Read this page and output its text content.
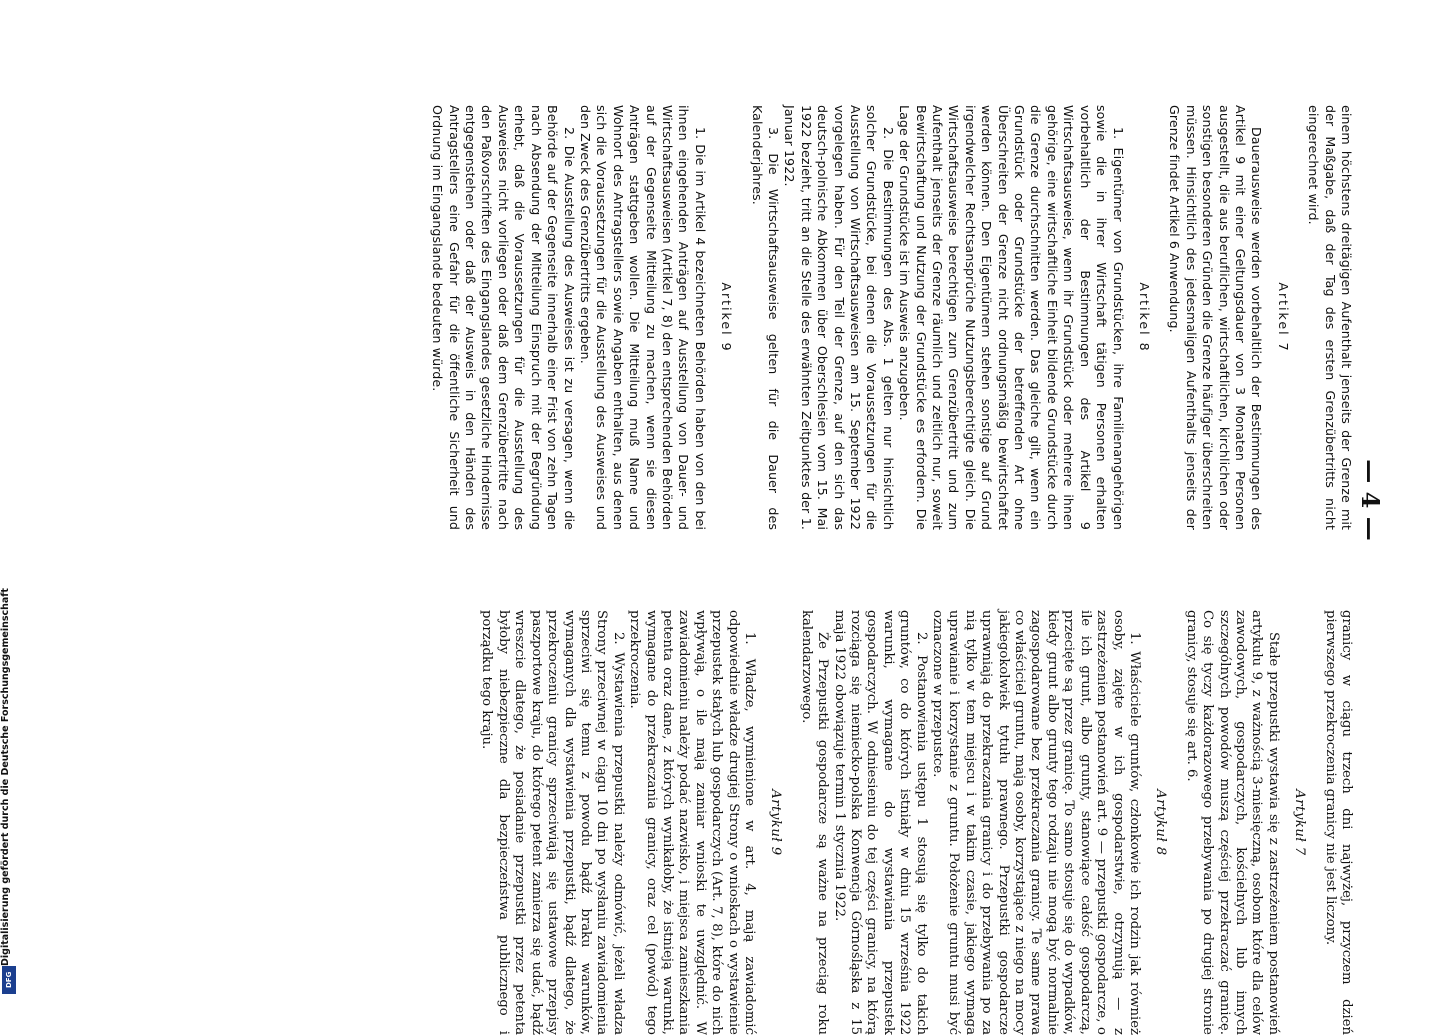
— 4 —

einem höchstens dreitägigen Aufenthalt jenseits der Grenze mit der Maßgabe, daß der Tag des ersten Grenzübertritts nicht eingerechnet wird.

Artikel 7

Dauerausweise werden vorbehaltlich der Bestimmungen des Artikel 9 mit einer Geltungsdauer von 3 Monaten Personen ausgestellt, die aus beruflichen, wirtschaftlichen, kirchlichen oder sonstigen besonderen Gründen die Grenze häufiger überschreiten müssen. Hinsichtlich des jedesmaligen Aufenthalts jenseits der Grenze findet Artikel 6 Anwendung.

Artikel 8

1. Eigentümer von Grundstücken, ihre Familienangehörigen sowie die in ihrer Wirtschaft tätigen Personen erhalten vorbehaltlich der Bestimmungen des Artikel 9 Wirtschaftsausweise, wenn ihr Grundstück oder mehrere ihnen gehörige, eine wirtschaftliche Einheit bildende Grundstücke durch die Grenze durchschnitten werden. Das gleiche gilt, wenn ein Grundstück oder Grundstücke der betreffenden Art ohne Überschreiten der Grenze nicht ordnungsmäßig bewirtschaftet werden können. Den Eigentümern stehen sonstige auf Grund irgendwelcher Rechtsansprüche Nutzungsberechtigte gleich. Die Wirtschaftsausweise berechtigen zum Grenzübertritt und zum Aufenthalt jenseits der Grenze räumlich und zeitlich nur, soweit Bewirtschaftung und Nutzung der Grundstücke es erfordern. Die Lage der Grundstücke ist im Ausweis anzugeben.

2. Die Bestimmungen des Abs. 1 gelten nur hinsichtlich solcher Grundstücke, bei denen die Voraussetzungen für die Ausstellung von Wirtschaftsausweisen am 15. September 1922 vorgelegen haben. Für den Teil der Grenze, auf den sich das deutsch-polnische Abkommen über Oberschlesien vom 15. Mai 1922 bezieht, tritt an die Stelle des erwähnten Zeitpunktes der 1. Januar 1922.

3. Die Wirtschaftsausweise gelten für die Dauer des Kalenderjahres.

Artikel 9

1. Die im Artikel 4 bezeichneten Behörden haben von den bei ihnen eingehenden Anträgen auf Ausstellung von Dauer- und Wirtschaftsausweisen (Artikel 7, 8) den entsprechenden Behörden auf der Gegenseite Mitteilung zu machen, wenn sie diesen Anträgen stattgeben wollen. Die Mitteilung muß Name und Wohnort des Antragstellers sowie Angaben enthalten, aus denen sich die Voraussetzungen für die Ausstellung des Ausweises und den Zweck des Grenzübertritts ergeben.

2. Die Ausstellung des Ausweises ist zu versagen, wenn die Behörde auf der Gegenseite innerhalb einer Frist von zehn Tagen nach Absendung der Mitteilung Einspruch mit der Begründung erhebt, daß die Voraussetzungen für die Ausstellung des Ausweises nicht vorliegen oder daß dem Grenzübertritte nach den Paßvorschriften des Eingangslandes gesetzliche Hindernisse entgegenstehen oder daß der Ausweis in den Händen des Antragstellers eine Gefahr für die öffentliche Sicherheit und Ordnung im Eingangslande bedeuten würde.

granicy w ciągu trzech dni najwyżej, przyczem dzień pierwszego przekroczenia granicy nie jest liczony.

Artykuł 7

Stałe przepustki wystawia się z zastrzeżeniem postanowień artykułu 9, z ważnością 3-miesięczną, osobom które dla celów zawodowych, gospodarczych, kościelnych lub innych szczególnych powodów muszą częściej przekraczać granicę. Co się tyczy każdorazowego przebywania po drugiej stronie granicy, stosuje się art. 6.

Artykuł 8

1. Właściciele gruntów, członkowie ich rodzin jak również osoby, zajęte w ich gospodarstwie, otrzymują — z zastrzeżeniem postanowień art. 9 — przepustki gospodarcze, o ile ich grunt, albo grunty, stanowiące całość gospodarczą, przecięte są przez granicę. To samo stosuje się do wypadków, kiedy grunt albo grunty tego rodzaju nie mogą być normalnie zagospodarowane bez przekraczania granicy. Te same prawa co właściciel gruntu, mają osoby, korzystające z niego na mocy jakiegokolwiek tytułu prawnego. Przepustki gospodarcze uprawniają do przekraczania granicy i do przebywania po za nią tylko w tem miejscu i w takim czasie, jakiego wymaga uprawianie i korzystanie z gruntu. Położenie gruntu musi być oznaczone w przepustce.

2. Postanowienia ustępu 1 stosują się tylko do takich gruntów, co do których istniały w dniu 15 września 1922 warunki, wymagane do wystawiania przepustek gospodarczych. W odniesieniu do tej części granicy, na którą rozciąga się niemiecko-polska Konwencja Górnośląska z 15 maja 1922 obowiązuje termin 1 stycznia 1922.

Że Przepustki gospodarcze są ważne na przeciąg roku kalendarzowego.

Artykuł 9

1. Władze, wymienione w art. 4, mają zawiadomić odpowiednie władze drugiej Strony o wnioskach o wystawienie przepustek stałych lub gospodarczych (Art. 7, 8), które do nich wpływają, o ile mają zamiar wnioski te uwzględnić. W zawiadomieniu należy podać nazwisko, i miejsca zamieszkania petenta oraz dane, z których wynikałoby, że istnieją warunki, wymagane do przekraczania granicy, oraz cel (powód) tego przekroczenia.

2. Wystawienia przepustki należy odmówić, jeżeli władza Strony przeciwnej w ciągu 10 dni po wysłaniu zawiadomienia sprzeciwi się temu z powodu bądź braku warunków, wymaganych dla wystawienia przepustki, bądź dlatego, że przekroczeniu granicy sprzeciwiają się ustawowe przepisy paszportowe kraju, do którego petent zamierza się udać, bądź wreszcie dlatego, że posiadanie przepustki przez petenta byłoby niebezpieczne dla bezpieczeństwa publicznego i porządku tego kraju.

Digitalisierung gefördert durch die Deutsche Forschungsgemeinschaft
DFG
